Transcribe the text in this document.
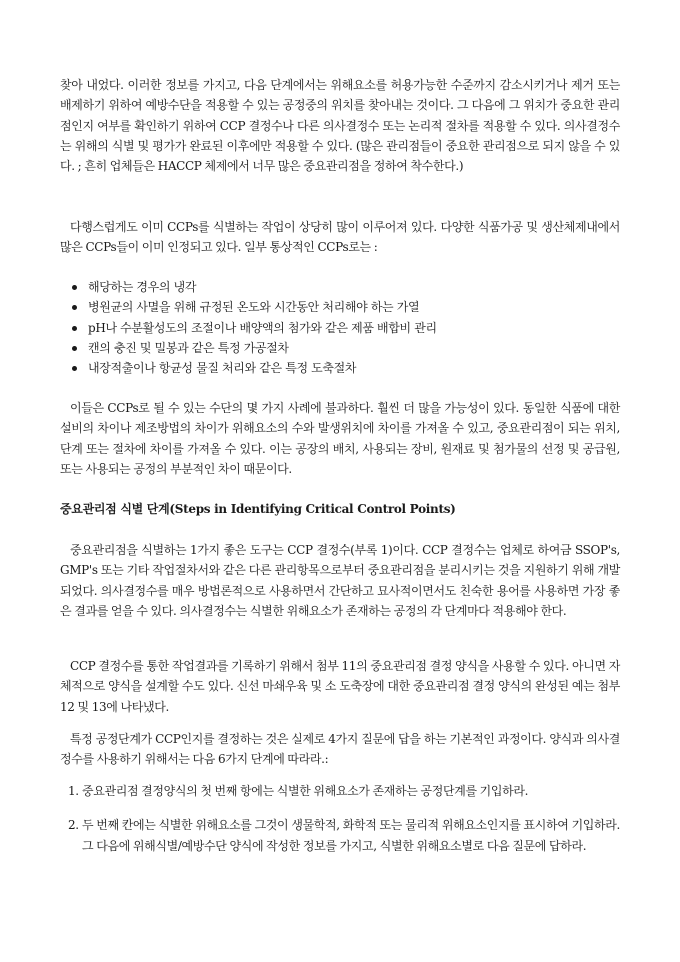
찾아 내었다. 이러한 정보를 가지고, 다음 단계에서는 위해요소를 허용가능한 수준까지 감소시키거나 제거 또는 배제하기 위하여 예방수단을 적용할 수 있는 공정중의 위치를 찾아내는 것이다. 그 다음에 그 위치가 중요한 관리점인지 여부를 확인하기 위하여 CCP 결정수나 다른 의사결정수 또는 논리적 절차를 적용할 수 있다. 의사결정수는 위해의 식별 및 평가가 완료된 이후에만 적용할 수 있다. (많은 관리점들이 중요한 관리점으로 되지 않을 수 있다. ; 흔히 업체들은 HACCP 체제에서 너무 많은 중요관리점을 정하여 착수한다.)

다행스럽게도 이미 CCPs를 식별하는 작업이 상당히 많이 이루어져 있다. 다양한 식품가공 및 생산체제내에서 많은 CCPs들이 이미 인정되고 있다. 일부 통상적인 CCPs로는 :

해당하는 경우의 냉각
병원균의 사멸을 위해 규정된 온도와 시간동안 처리해야 하는 가열
pH나 수분활성도의 조절이나 배양액의 첨가와 같은 제품 배합비 관리
캔의 충진 및 밀봉과 같은 특정 가공절차
내장적출이나 항균성 물질 처리와 같은 특정 도축절차

이들은 CCPs로 될 수 있는 수단의 몇 가지 사례에 불과하다. 훨씬 더 많을 가능성이 있다. 동일한 식품에 대한 설비의 차이나 제조방법의 차이가 위해요소의 수와 발생위치에 차이를 가져올 수 있고, 중요관리점이 되는 위치, 단계 또는 절차에 차이를 가져올 수 있다. 이는 공장의 배치, 사용되는 장비, 원재료 및 첨가물의 선정 및 공급원, 또는 사용되는 공정의 부분적인 차이 때문이다.

중요관리점 식별 단계(Steps in Identifying Critical Control Points)

중요관리점을 식별하는 1가지 좋은 도구는 CCP 결정수(부록 1)이다. CCP 결정수는 업체로 하여금 SSOP's, GMP's 또는 기타 작업절차서와 같은 다른 관리항목으로부터 중요관리점을 분리시키는 것을 지원하기 위해 개발되었다. 의사결정수를 매우 방법론적으로 사용하면서 간단하고 묘사적이면서도 친숙한 용어를 사용하면 가장 좋은 결과를 얻을 수 있다. 의사결정수는 식별한 위해요소가 존재하는 공정의 각 단계마다 적용해야 한다.

CCP 결정수를 통한 작업결과를 기록하기 위해서 첨부 11의 중요관리점 결정 양식을 사용할 수 있다. 아니면 자체적으로 양식을 설계할 수도 있다. 신선 마쇄우육 및 소 도축장에 대한 중요관리점 결정 양식의 완성된 예는 첨부 12 및 13에 나타냈다.

특정 공정단계가 CCP인지를 결정하는 것은 실제로 4가지 질문에 답을 하는 기본적인 과정이다. 양식과 의사결정수를 사용하기 위해서는 다음 6가지 단계에 따라라.:

1. 중요관리점 결정양식의 첫 번째 항에는 식별한 위해요소가 존재하는 공정단계를 기입하라.
2. 두 번째 칸에는 식별한 위해요소를 그것이 생물학적, 화학적 또는 물리적 위해요소인지를 표시하여 기입하라. 그 다음에 위해식별/예방수단 양식에 작성한 정보를 가지고, 식별한 위해요소별로 다음 질문에 답하라.
